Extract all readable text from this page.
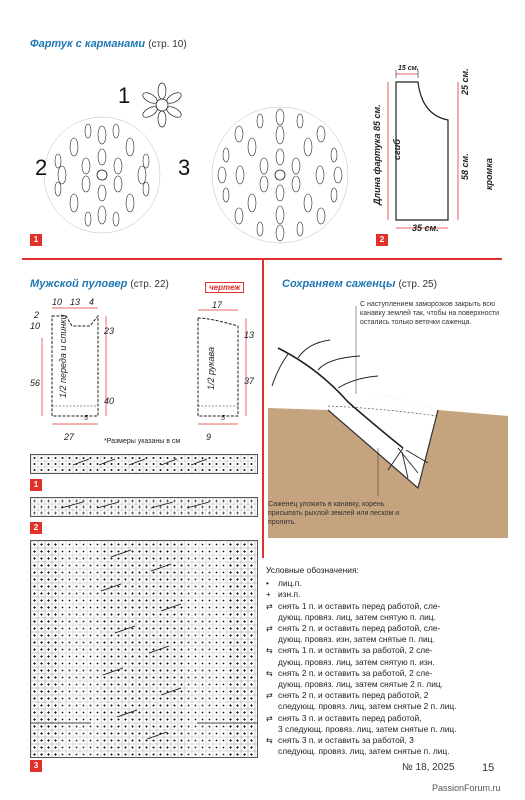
Фартук с карманами (стр. 10)
1
2	3
1
15 см.	25 см.
Длина фартука 85 см. сгиб
58 см.
35 см.
кромка
2
Мужской пуловер (стр. 22)	чертеж
10 13 4
2
10	23
56
40
5
27
1/2 переда и спинки
17
13
37
5
9
1/2 рукава
*Размеры указаны в см
1
2
3
Сохраняем саженцы (стр. 25)
С наступлением заморозков закрыть всю канавку землей так, чтобы на поверхности остались только веточки саженца.
Саженец уложить в канавку, корень присыпать рыхлой землей или песком и пролить.
Условные обозначения:
• лиц.п.
+ изн.п.
⇄ снять 1 п. и оставить перед работой, сле-
дующ. провяз. лиц, затем снятую п. лиц.
⇄ снять 2 п. и оставить перед работой, сле-
дующ. провяз. изн, затем снятые п. лиц.
⇆ снять 1 п. и оставить за работой, 2 сле-
дующ. провяз. лиц, затем снятую п. изн.
⇆ снять 2 п. и оставить за работой, 2 сле-
дующ. провяз. лиц, затем снятые 2 п. лиц.
⇄ снять 2 п. и оставить перед работой, 2
следующ. провяз. лиц, затем снятые 2 п. лиц.
⇄ снять 3 п. и оставить перед работой,
3 следующ. провяз. лиц, затем снятые п. лиц.
⇆ снять 3 п. и оставить за работой, 3
следующ. провяз. лиц, затем снятые п. лиц.
№ 18, 2025	15
PassionForum.ru
